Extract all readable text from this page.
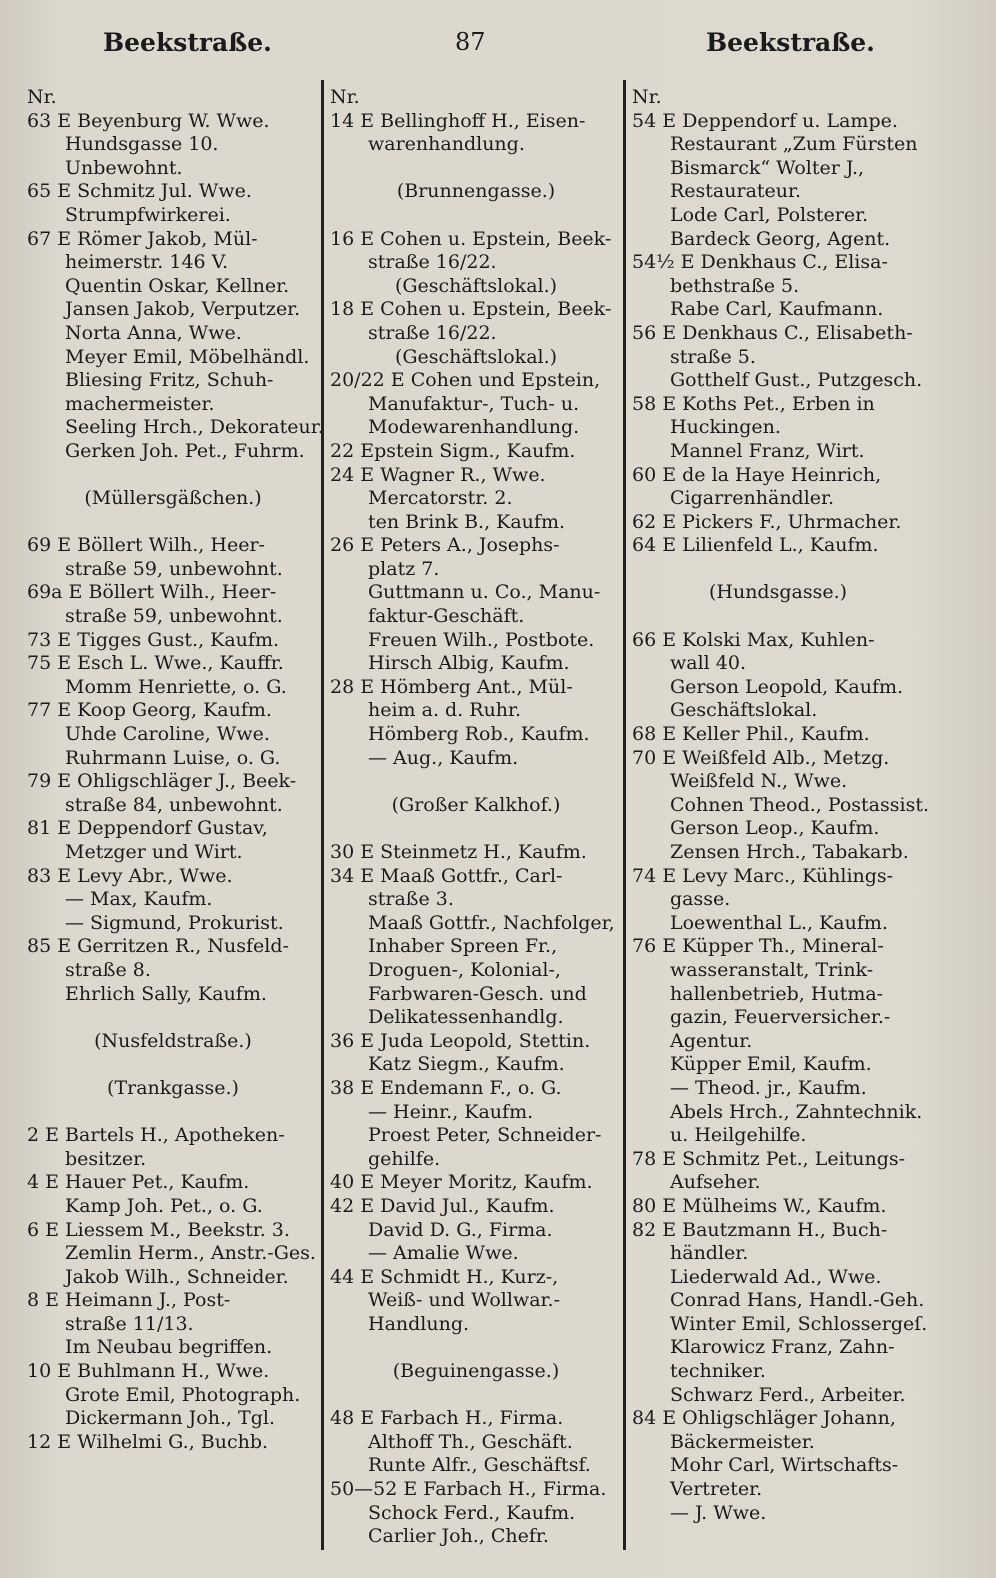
Beekstraße.	87	Beekstraße.
Nr.
63 E Beyenburg W. Wwe.
Hundsgasse 10.
Unbewohnt.
65 E Schmitz Jul. Wwe.
Strumpfwirkerei.
67 E Römer Jakob, Mül-
heimerstr. 146 V.
Quentin Oskar, Kellner.
Jansen Jakob, Verputzer.
Norta Anna, Wwe.
Meyer Emil, Möbelhändl.
Bliesing Fritz, Schuh-
machermeister.
Seeling Hrch., Dekorateur.
Gerken Joh. Pet., Fuhrm.
(Müllersgäßchen.)
69 E Böllert Wilh., Heer-
straße 59, unbewohnt.
69a E Böllert Wilh., Heer-
straße 59, unbewohnt.
73 E Tigges Gust., Kaufm.
75 E Esch L. Wwe., Kauffr.
Momm Henriette, o. G.
77 E Koop Georg, Kaufm.
Uhde Caroline, Wwe.
Ruhrmann Luise, o. G.
79 E Ohligschläger J., Beek-
straße 84, unbewohnt.
81 E Deppendorf Gustav,
Metzger und Wirt.
83 E Levy Abr., Wwe.
— Max, Kaufm.
— Sigmund, Prokurist.
85 E Gerritzen R., Nusfeld-
straße 8.
Ehrlich Sally, Kaufm.
(Nusfeldstraße.)
(Trankgasse.)
2 E Bartels H., Apotheken-
besitzer.
4 E Hauer Pet., Kaufm.
Kamp Joh. Pet., o. G.
6 E Liessem M., Beekstr. 3.
Zemlin Herm., Anstr.-Ges.
Jakob Wilh., Schneider.
8 E Heimann J., Post-
straße 11/13.
Im Neubau begriffen.
10 E Buhlmann H., Wwe.
Grote Emil, Photograph.
Dickermann Joh., Tgl.
12 E Wilhelmi G., Buchb.
Nr.
14 E Bellinghoff H., Eisen-
warenhandlung.
(Brunnengasse.)
16 E Cohen u. Epstein, Beek-
straße 16/22.
(Geschäftslokal.)
18 E Cohen u. Epstein, Beek-
straße 16/22.
(Geschäftslokal.)
20/22 E Cohen und Epstein,
Manufaktur-, Tuch- u.
Modewarenhandlung.
22 Epstein Sigm., Kaufm.
24 E Wagner R., Wwe.
Mercatorstr. 2.
ten Brink B., Kaufm.
26 E Peters A., Josephs-
platz 7.
Guttmann u. Co., Manu-
faktur-Geschäft.
Freuen Wilh., Postbote.
Hirsch Albig, Kaufm.
28 E Hömberg Ant., Mül-
heim a. d. Ruhr.
Hömberg Rob., Kaufm.
— Aug., Kaufm.
(Großer Kalkhof.)
30 E Steinmetz H., Kaufm.
34 E Maaß Gottfr., Carl-
straße 3.
Maaß Gottfr., Nachfolger,
Inhaber Spreen Fr.,
Droguen-, Kolonial-,
Farbwaren-Gesch. und
Delikatessenhandlg.
36 E Juda Leopold, Stettin.
Katz Siegm., Kaufm.
38 E Endemann F., o. G.
— Heinr., Kaufm.
Proest Peter, Schneider-
gehilfe.
40 E Meyer Moritz, Kaufm.
42 E David Jul., Kaufm.
David D. G., Firma.
— Amalie Wwe.
44 E Schmidt H., Kurz-,
Weiß- und Wollwar.-
Handlung.
(Beguinengasse.)
48 E Farbach H., Firma.
Althoff Th., Geschäft.
Runte Alfr., Geschäftsf.
50—52 E Farbach H., Firma.
Schock Ferd., Kaufm.
Carlier Joh., Chefr.
Nr.
54 E Deppendorf u. Lampe.
Restaurant „Zum Fürsten
Bismarck“ Wolter J.,
Restaurateur.
Lode Carl, Polsterer.
Bardeck Georg, Agent.
54½ E Denkhaus C., Elisa-
bethstraße 5.
Rabe Carl, Kaufmann.
56 E Denkhaus C., Elisabeth-
straße 5.
Gotthelf Gust., Putzgesch.
58 E Koths Pet., Erben in
Huckingen.
Mannel Franz, Wirt.
60 E de la Haye Heinrich,
Cigarrenhändler.
62 E Pickers F., Uhrmacher.
64 E Lilienfeld L., Kaufm.
(Hundsgasse.)
66 E Kolski Max, Kuhlen-
wall 40.
Gerson Leopold, Kaufm.
Geschäftslokal.
68 E Keller Phil., Kaufm.
70 E Weißfeld Alb., Metzg.
Weißfeld N., Wwe.
Cohnen Theod., Postassist.
Gerson Leop., Kaufm.
Zensen Hrch., Tabakarb.
74 E Levy Marc., Kühlings-
gasse.
Loewenthal L., Kaufm.
76 E Küpper Th., Mineral-
wasseranstalt, Trink-
hallenbetrieb, Hutma-
gazin, Feuerversicher.-
Agentur.
Küpper Emil, Kaufm.
— Theod. jr., Kaufm.
Abels Hrch., Zahntechnik.
u. Heilgehilfe.
78 E Schmitz Pet., Leitungs-
Aufseher.
80 E Mülheims W., Kaufm.
82 E Bautzmann H., Buch-
händler.
Liederwald Ad., Wwe.
Conrad Hans, Handl.-Geh.
Winter Emil, Schlossergeſ.
Klarowicz Franz, Zahn-
techniker.
Schwarz Ferd., Arbeiter.
84 E Ohligschläger Johann,
Bäckermeister.
Mohr Carl, Wirtschafts-
Vertreter.
— J. Wwe.
